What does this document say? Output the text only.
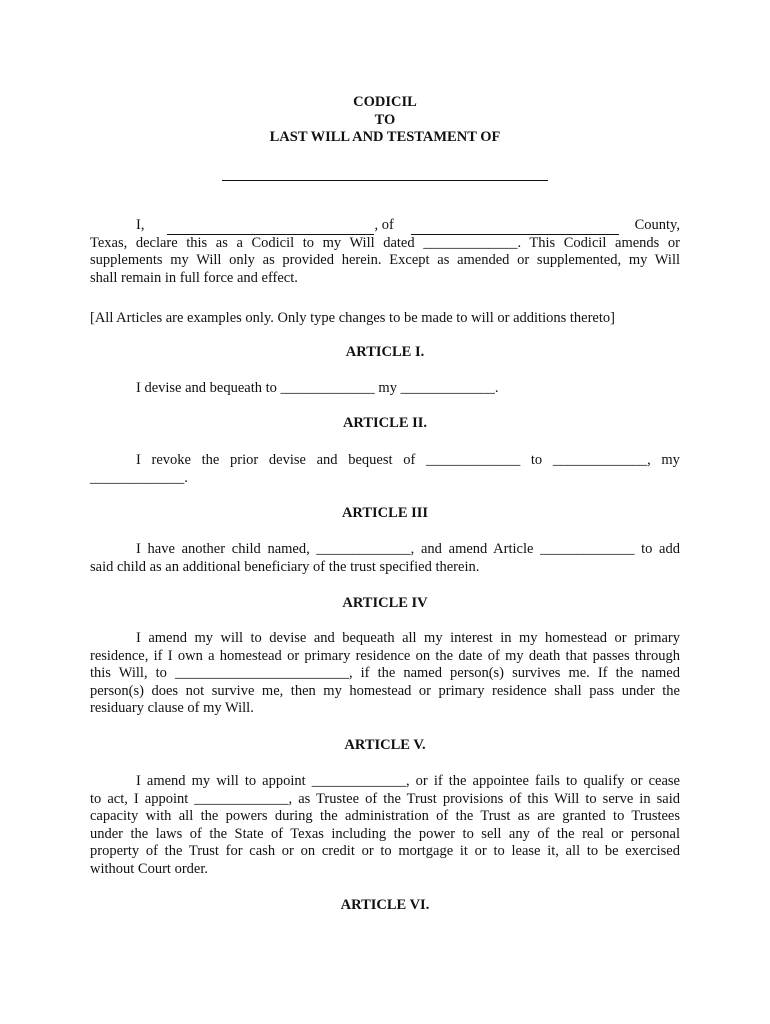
CODICIL
TO
LAST WILL AND TESTAMENT OF
I,	, of	County,
Texas, declare this as a Codicil to my Will dated _____________. This Codicil amends or
supplements my Will only as provided herein. Except as amended or supplemented, my Will
shall remain in full force and effect.
[All Articles are examples only. Only type changes to be made to will or additions thereto]
ARTICLE I.
I devise and bequeath to _____________ my _____________.
ARTICLE II.
I revoke the prior devise and bequest of _____________ to _____________, my
_____________.
ARTICLE III
I have another child named, _____________, and amend Article _____________ to add
said child as an additional beneficiary of the trust specified therein.
ARTICLE IV
I amend my will to devise and bequeath all my interest in my homestead or primary
residence, if I own a homestead or primary residence on the date of my death that passes through
this Will, to ________________________, if the named person(s) survives me. If the named
person(s) does not survive me, then my homestead or primary residence shall pass under the
residuary clause of my Will.
ARTICLE V.
I amend my will to appoint _____________, or if the appointee fails to qualify or cease
to act, I appoint _____________, as Trustee of the Trust provisions of this Will to serve in said
capacity with all the powers during the administration of the Trust as are granted to Trustees
under the laws of the State of Texas including the power to sell any of the real or personal
property of the Trust for cash or on credit or to mortgage it or to lease it, all to be exercised
without Court order.
ARTICLE VI.
